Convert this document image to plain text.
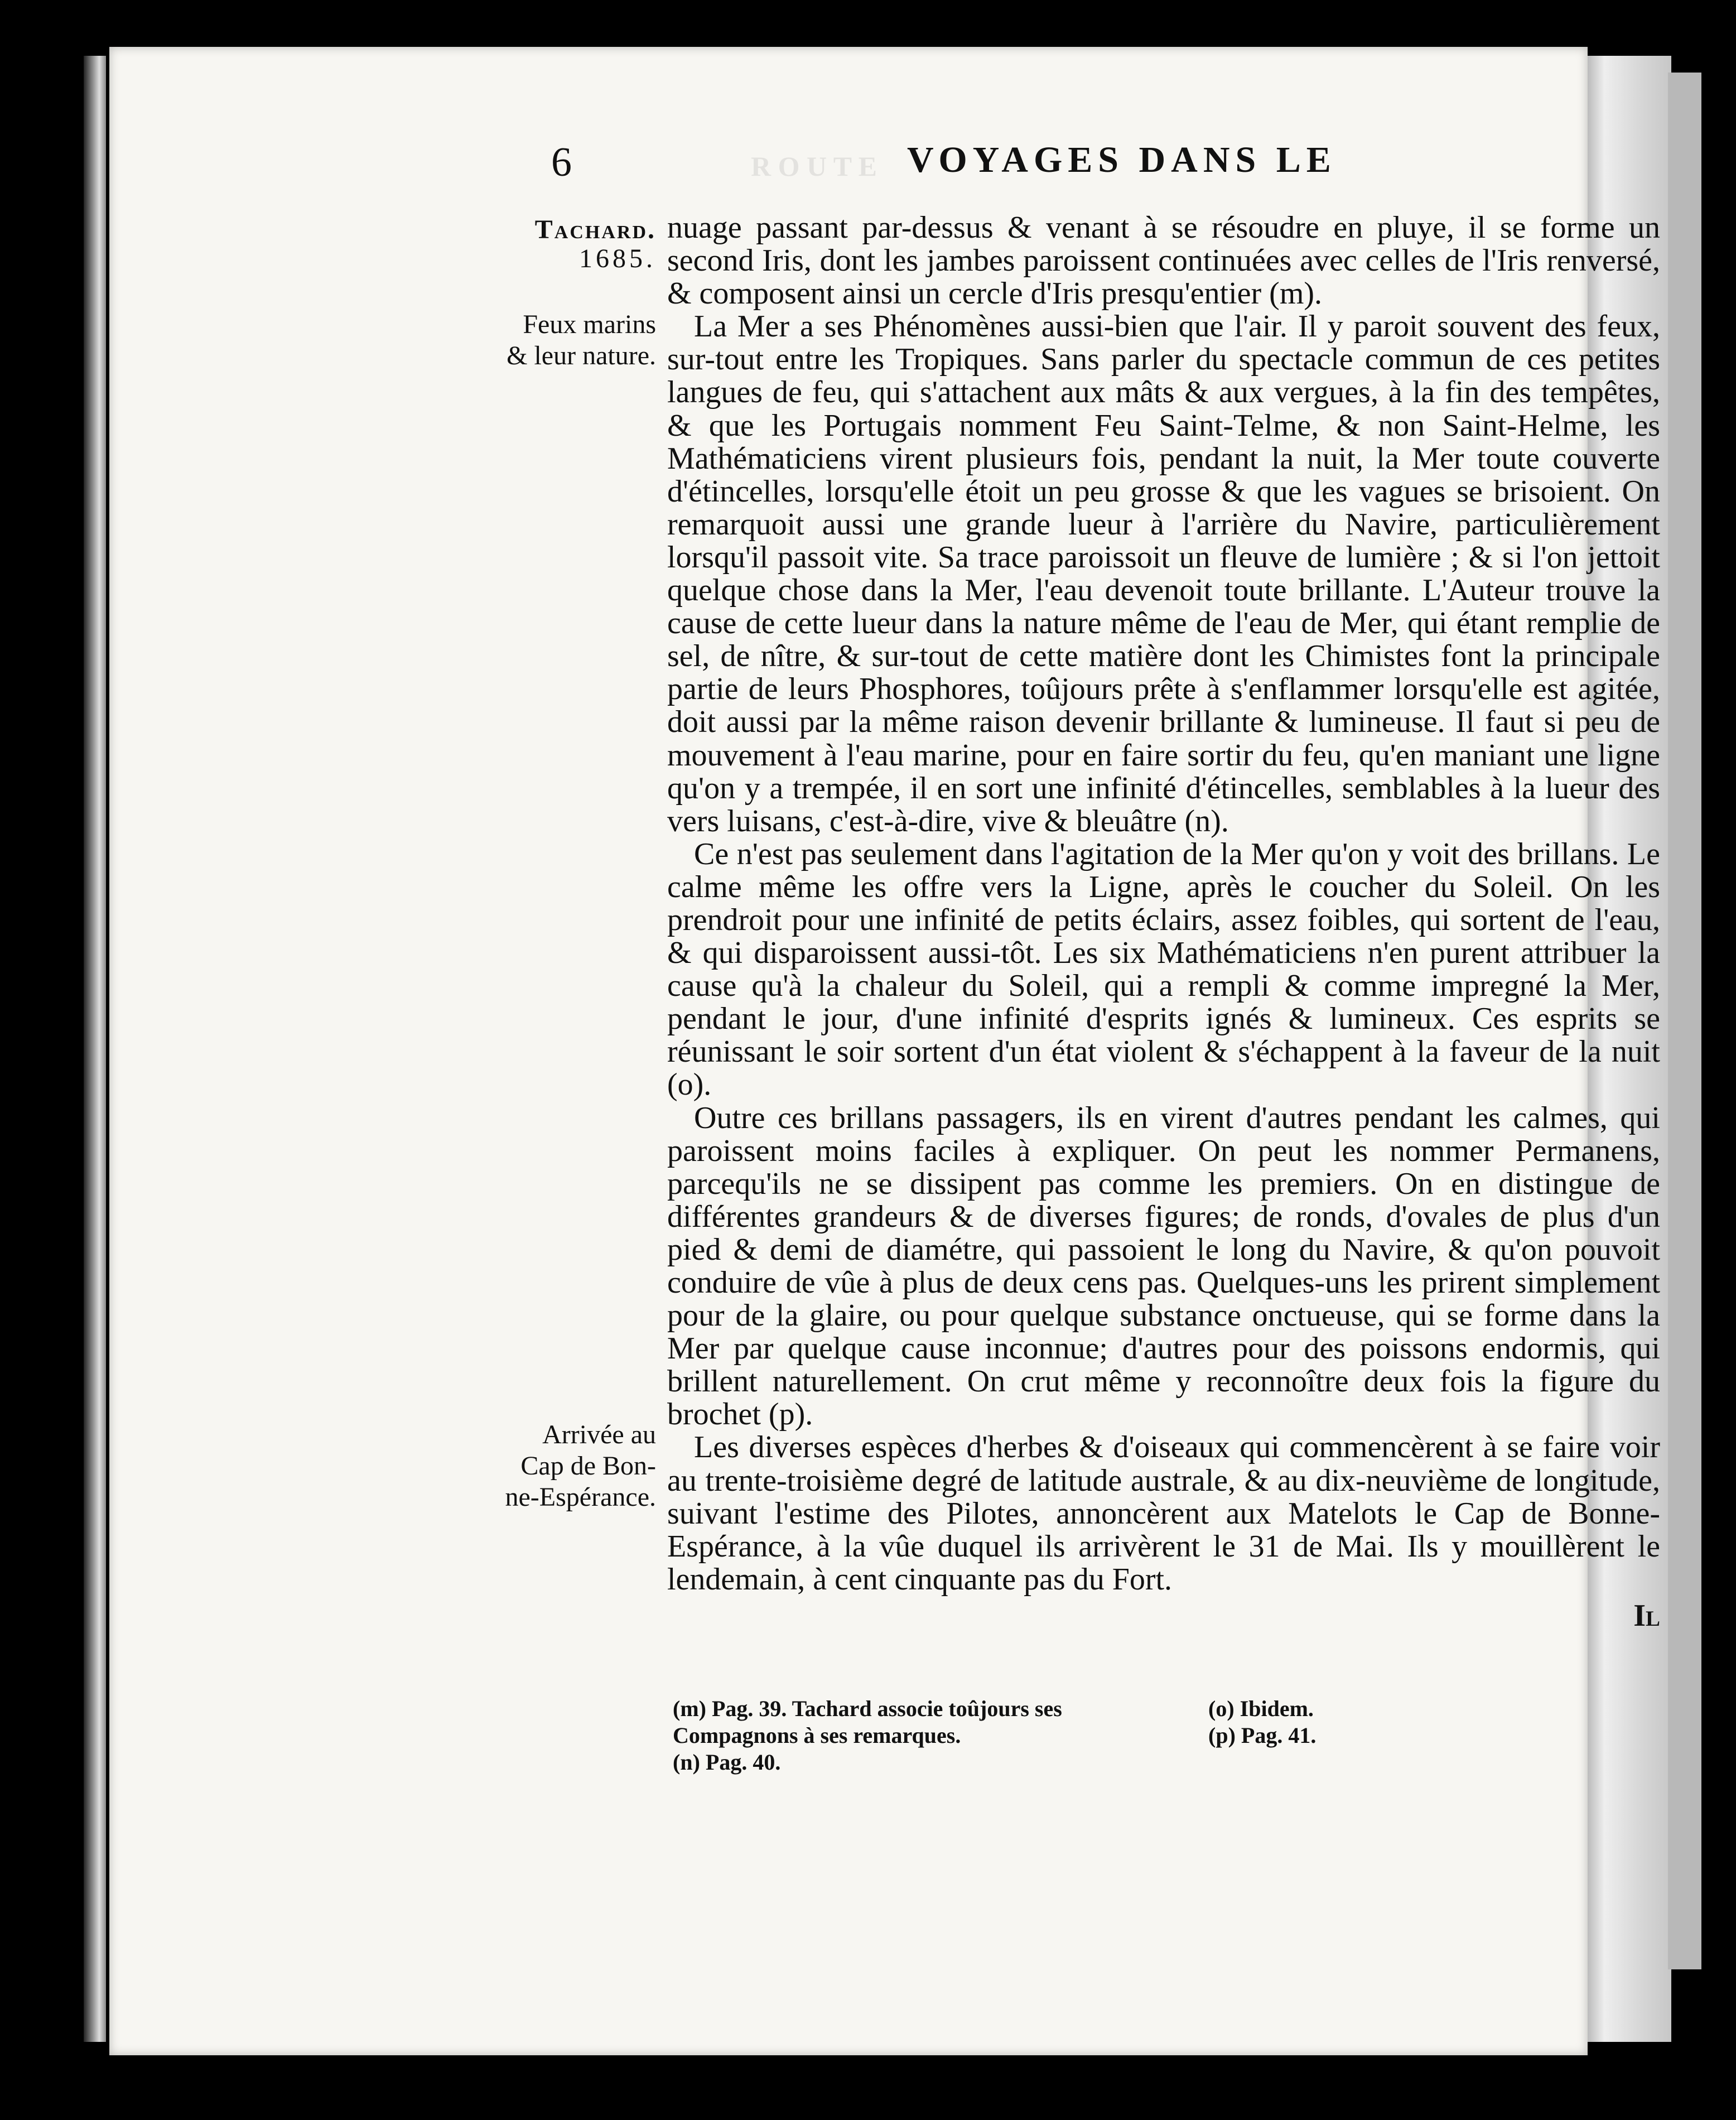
R O U T E
6	VOYAGES DANS LE
Tachard.
1685.
Feux marins
& leur nature.
Arrivée au
Cap de Bon-
ne-Espérance.

nuage passant par-dessus & venant à se résoudre en pluye, il se forme un second Iris, dont les jambes paroissent continuées avec celles de l'Iris renversé, & composent ainsi un cercle d'Iris presqu'entier (m).

La Mer a ses Phénomènes aussi-bien que l'air. Il y paroit souvent des feux, sur-tout entre les Tropiques. Sans parler du spectacle commun de ces petites langues de feu, qui s'attachent aux mâts & aux vergues, à la fin des tempêtes, & que les Portugais nomment Feu Saint-Telme, & non Saint-Helme, les Mathématiciens virent plusieurs fois, pendant la nuit, la Mer toute couverte d'étincelles, lorsqu'elle étoit un peu grosse & que les vagues se brisoient. On remarquoit aussi une grande lueur à l'arrière du Navire, particulièrement lorsqu'il passoit vite. Sa trace paroissoit un fleuve de lumière ; & si l'on jettoit quelque chose dans la Mer, l'eau devenoit toute brillante. L'Auteur trouve la cause de cette lueur dans la nature même de l'eau de Mer, qui étant remplie de sel, de nître, & sur-tout de cette matière dont les Chimistes font la principale partie de leurs Phosphores, toûjours prête à s'enflammer lorsqu'elle est agitée, doit aussi par la même raison devenir brillante & lumineuse. Il faut si peu de mouvement à l'eau marine, pour en faire sortir du feu, qu'en maniant une ligne qu'on y a trempée, il en sort une infinité d'étincelles, semblables à la lueur des vers luisans, c'est-à-dire, vive & bleuâtre (n).

Ce n'est pas seulement dans l'agitation de la Mer qu'on y voit des brillans. Le calme même les offre vers la Ligne, après le coucher du Soleil. On les prendroit pour une infinité de petits éclairs, assez foibles, qui sortent de l'eau, & qui disparoissent aussi-tôt. Les six Mathématiciens n'en purent attribuer la cause qu'à la chaleur du Soleil, qui a rempli & comme impregné la Mer, pendant le jour, d'une infinité d'esprits ignés & lumineux. Ces esprits se réunissant le soir sortent d'un état violent & s'échappent à la faveur de la nuit (o).

Outre ces brillans passagers, ils en virent d'autres pendant les calmes, qui paroissent moins faciles à expliquer. On peut les nommer Permanens, parcequ'ils ne se dissipent pas comme les premiers. On en distingue de différentes grandeurs & de diverses figures; de ronds, d'ovales de plus d'un pied & demi de diamétre, qui passoient le long du Navire, & qu'on pouvoit conduire de vûe à plus de deux cens pas. Quelques-uns les prirent simplement pour de la glaire, ou pour quelque substance onctueuse, qui se forme dans la Mer par quelque cause inconnue; d'autres pour des poissons endormis, qui brillent naturellement. On crut même y reconnoître deux fois la figure du brochet (p).

Les diverses espèces d'herbes & d'oiseaux qui commencèrent à se faire voir au trente-troisième degré de latitude australe, & au dix-neuvième de longitude, suivant l'estime des Pilotes, annoncèrent aux Matelots le Cap de Bonne-Espérance, à la vûe duquel ils arrivèrent le 31 de Mai. Ils y mouillèrent le lendemain, à cent cinquante pas du Fort.

Il
(m) Pag. 39. Tachard associe toûjours ses
Compagnons à ses remarques.
(n) Pag. 40.
(o) Ibidem.
(p) Pag. 41.
